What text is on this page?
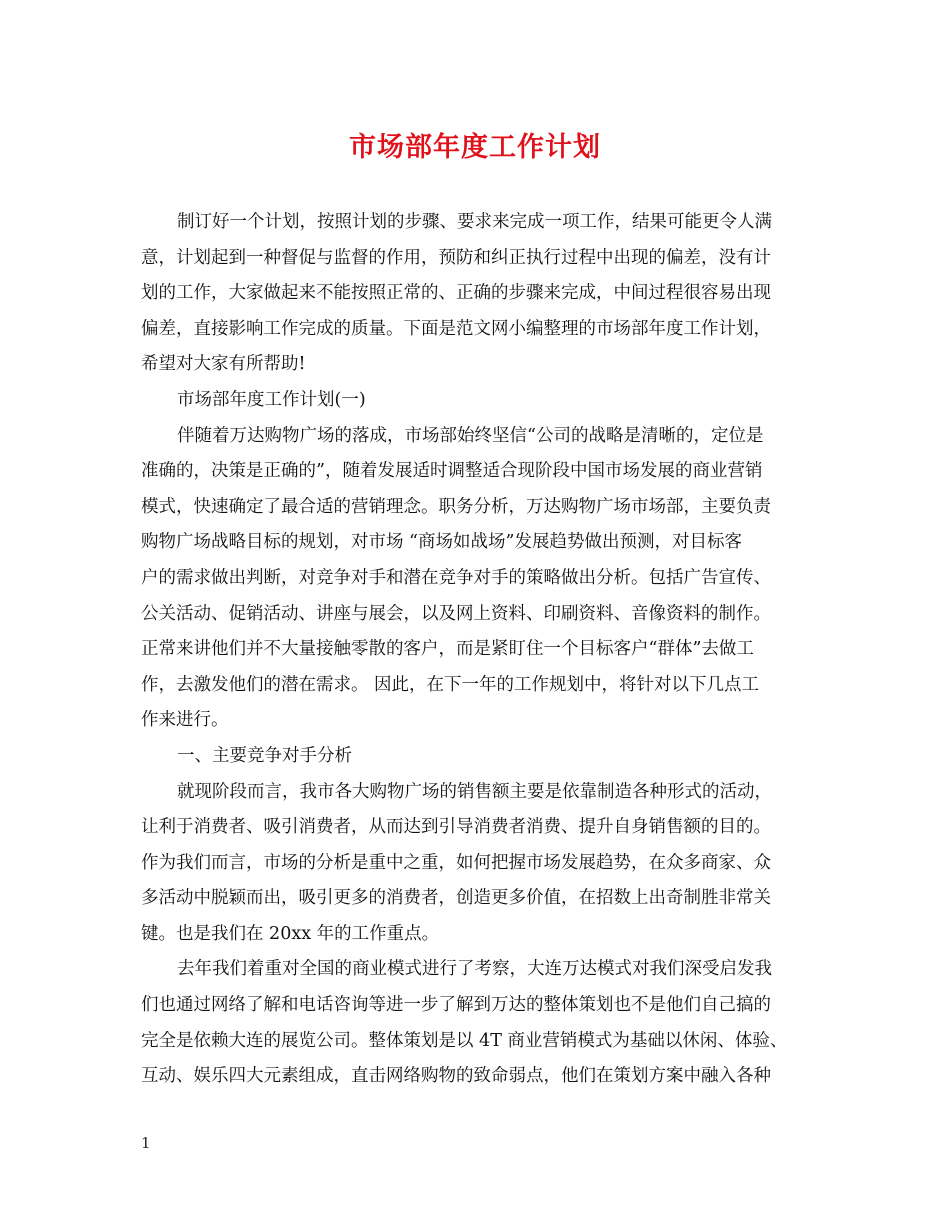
市场部年度工作计划
制订好一个计划，按照计划的步骤、要求来完成一项工作，结果可能更令人满
意，计划起到一种督促与监督的作用，预防和纠正执行过程中出现的偏差，没有计
划的工作，大家做起来不能按照正常的、正确的步骤来完成，中间过程很容易出现
偏差，直接影响工作完成的质量。下面是范文网小编整理的市场部年度工作计划，
希望对大家有所帮助!
市场部年度工作计划(一)
伴随着万达购物广场的落成，市场部始终坚信“公司的战略是清晰的，定位是
准确的，决策是正确的”，随着发展适时调整适合现阶段中国市场发展的商业营销
模式，快速确定了最合适的营销理念。职务分析，万达购物广场市场部，主要负责
购物广场战略目标的规划，对市场 “商场如战场”发展趋势做出预测，对目标客
户的需求做出判断，对竞争对手和潜在竞争对手的策略做出分析。包括广告宣传、
公关活动、促销活动、讲座与展会，以及网上资料、印刷资料、音像资料的制作。
正常来讲他们并不大量接触零散的客户，而是紧盯住一个目标客户“群体”去做工
作，去激发他们的潜在需求。 因此，在下一年的工作规划中，将针对以下几点工
作来进行。
一、主要竞争对手分析
就现阶段而言，我市各大购物广场的销售额主要是依靠制造各种形式的活动，
让利于消费者、吸引消费者，从而达到引导消费者消费、提升自身销售额的目的。
作为我们而言，市场的分析是重中之重，如何把握市场发展趋势，在众多商家、众
多活动中脱颖而出，吸引更多的消费者，创造更多价值，在招数上出奇制胜非常关
键。也是我们在 20xx 年的工作重点。
去年我们着重对全国的商业模式进行了考察，大连万达模式对我们深受启发我
们也通过网络了解和电话咨询等进一步了解到万达的整体策划也不是他们自己搞的
完全是依赖大连的展览公司。整体策划是以 4T 商业营销模式为基础以休闲、体验、
互动、娱乐四大元素组成，直击网络购物的致命弱点，他们在策划方案中融入各种
1
